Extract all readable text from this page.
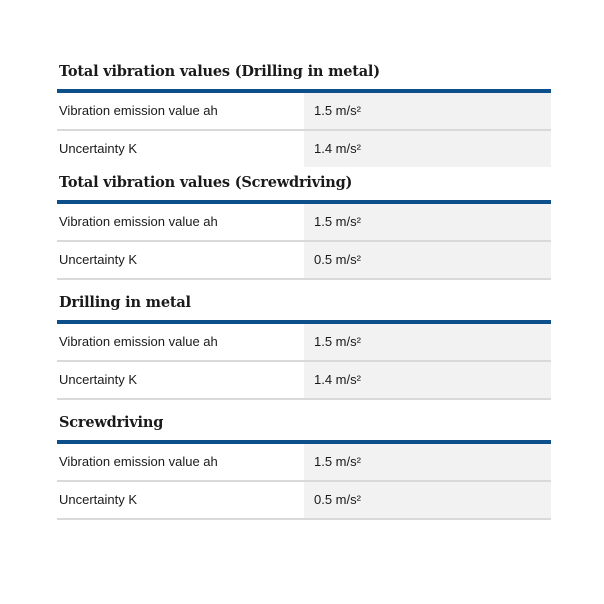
Total vibration values (Drilling in metal)
Vibration emission value ah	1.5 m/s²
Uncertainty K	1.4 m/s²
Total vibration values (Screwdriving)
Vibration emission value ah	1.5 m/s²
Uncertainty K	0.5 m/s²
Drilling in metal
Vibration emission value ah	1.5 m/s²
Uncertainty K	1.4 m/s²
Screwdriving
Vibration emission value ah	1.5 m/s²
Uncertainty K	0.5 m/s²
